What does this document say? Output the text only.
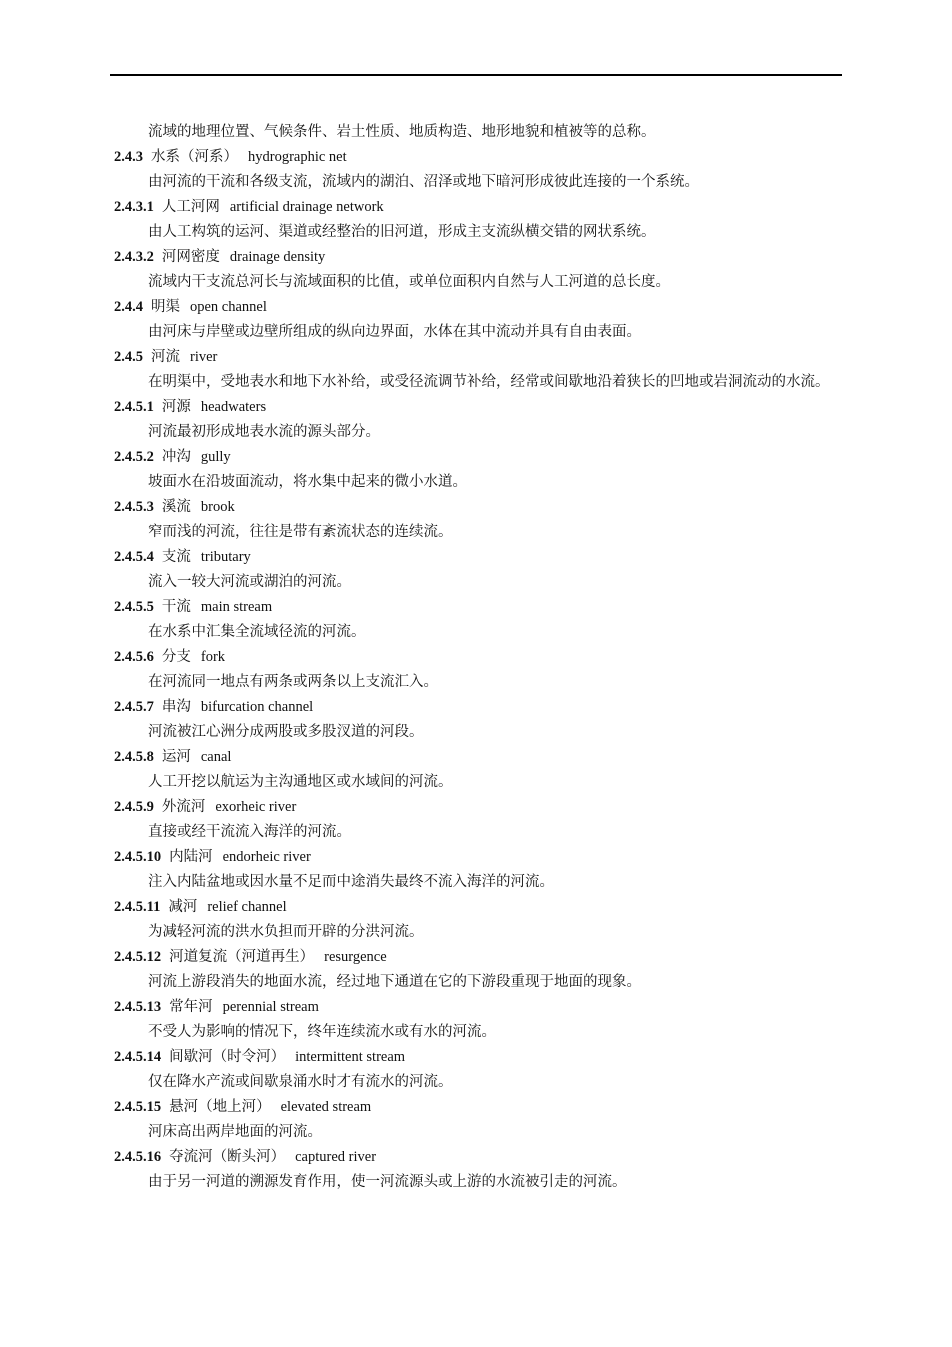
流域的地理位置、气候条件、岩土性质、地质构造、地形地貌和植被等的总称。
2.4.3 水系（河系） hydrographic net
由河流的干流和各级支流，流域内的湖泊、沼泽或地下暗河形成彼此连接的一个系统。
2.4.3.1 人工河网 artificial drainage network
由人工构筑的运河、渠道或经整治的旧河道，形成主支流纵横交错的网状系统。
2.4.3.2 河网密度 drainage density
流域内干支流总河长与流域面积的比值，或单位面积内自然与人工河道的总长度。
2.4.4 明渠 open channel
由河床与岸壁或边壁所组成的纵向边界面，水体在其中流动并具有自由表面。
2.4.5 河流 river
在明渠中，受地表水和地下水补给，或受径流调节补给，经常或间歇地沿着狭长的凹地或岩洞流动的水流。
2.4.5.1 河源 headwaters
河流最初形成地表水流的源头部分。
2.4.5.2 冲沟 gully
坡面水在沿坡面流动，将水集中起来的微小水道。
2.4.5.3 溪流 brook
窄而浅的河流，往往是带有紊流状态的连续流。
2.4.5.4 支流 tributary
流入一较大河流或湖泊的河流。
2.4.5.5 干流 main stream
在水系中汇集全流域径流的河流。
2.4.5.6 分支 fork
在河流同一地点有两条或两条以上支流汇入。
2.4.5.7 串沟 bifurcation channel
河流被江心洲分成两股或多股汊道的河段。
2.4.5.8 运河 canal
人工开挖以航运为主沟通地区或水域间的河流。
2.4.5.9 外流河 exorheic river
直接或经干流流入海洋的河流。
2.4.5.10 内陆河 endorheic river
注入内陆盆地或因水量不足而中途消失最终不流入海洋的河流。
2.4.5.11 减河 relief channel
为减轻河流的洪水负担而开辟的分洪河流。
2.4.5.12 河道复流（河道再生） resurgence
河流上游段消失的地面水流，经过地下通道在它的下游段重现于地面的现象。
2.4.5.13 常年河 perennial stream
不受人为影响的情况下，终年连续流水或有水的河流。
2.4.5.14 间歇河（时令河） intermittent stream
仅在降水产流或间歇泉涌水时才有流水的河流。
2.4.5.15 悬河（地上河） elevated stream
河床高出两岸地面的河流。
2.4.5.16 夺流河（断头河） captured river
由于另一河道的溯源发育作用，使一河流源头或上游的水流被引走的河流。
